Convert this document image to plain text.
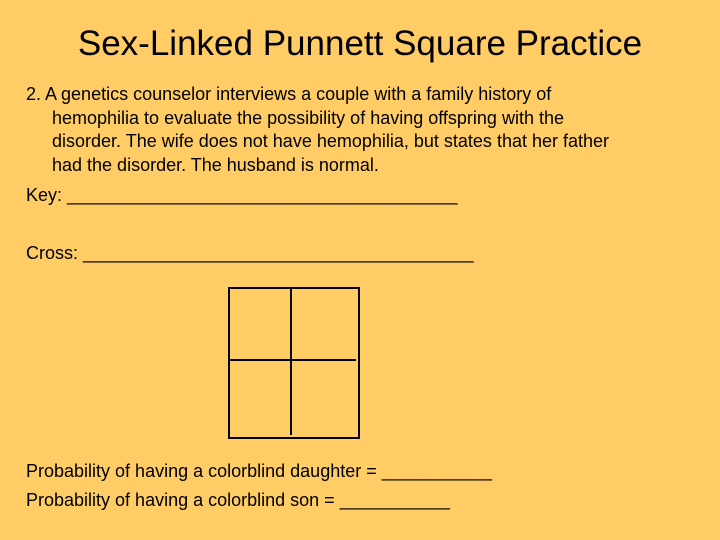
Sex-Linked Punnett Square Practice
2. A genetics counselor interviews a couple with a family history of
hemophilia to evaluate the possibility of having offspring with the
disorder. The wife does not have hemophilia, but states that her father
had the disorder. The husband is normal.
Key: _______________________________________
Cross: _______________________________________
Probability of having a colorblind daughter = ___________
Probability of having a colorblind son = ___________
